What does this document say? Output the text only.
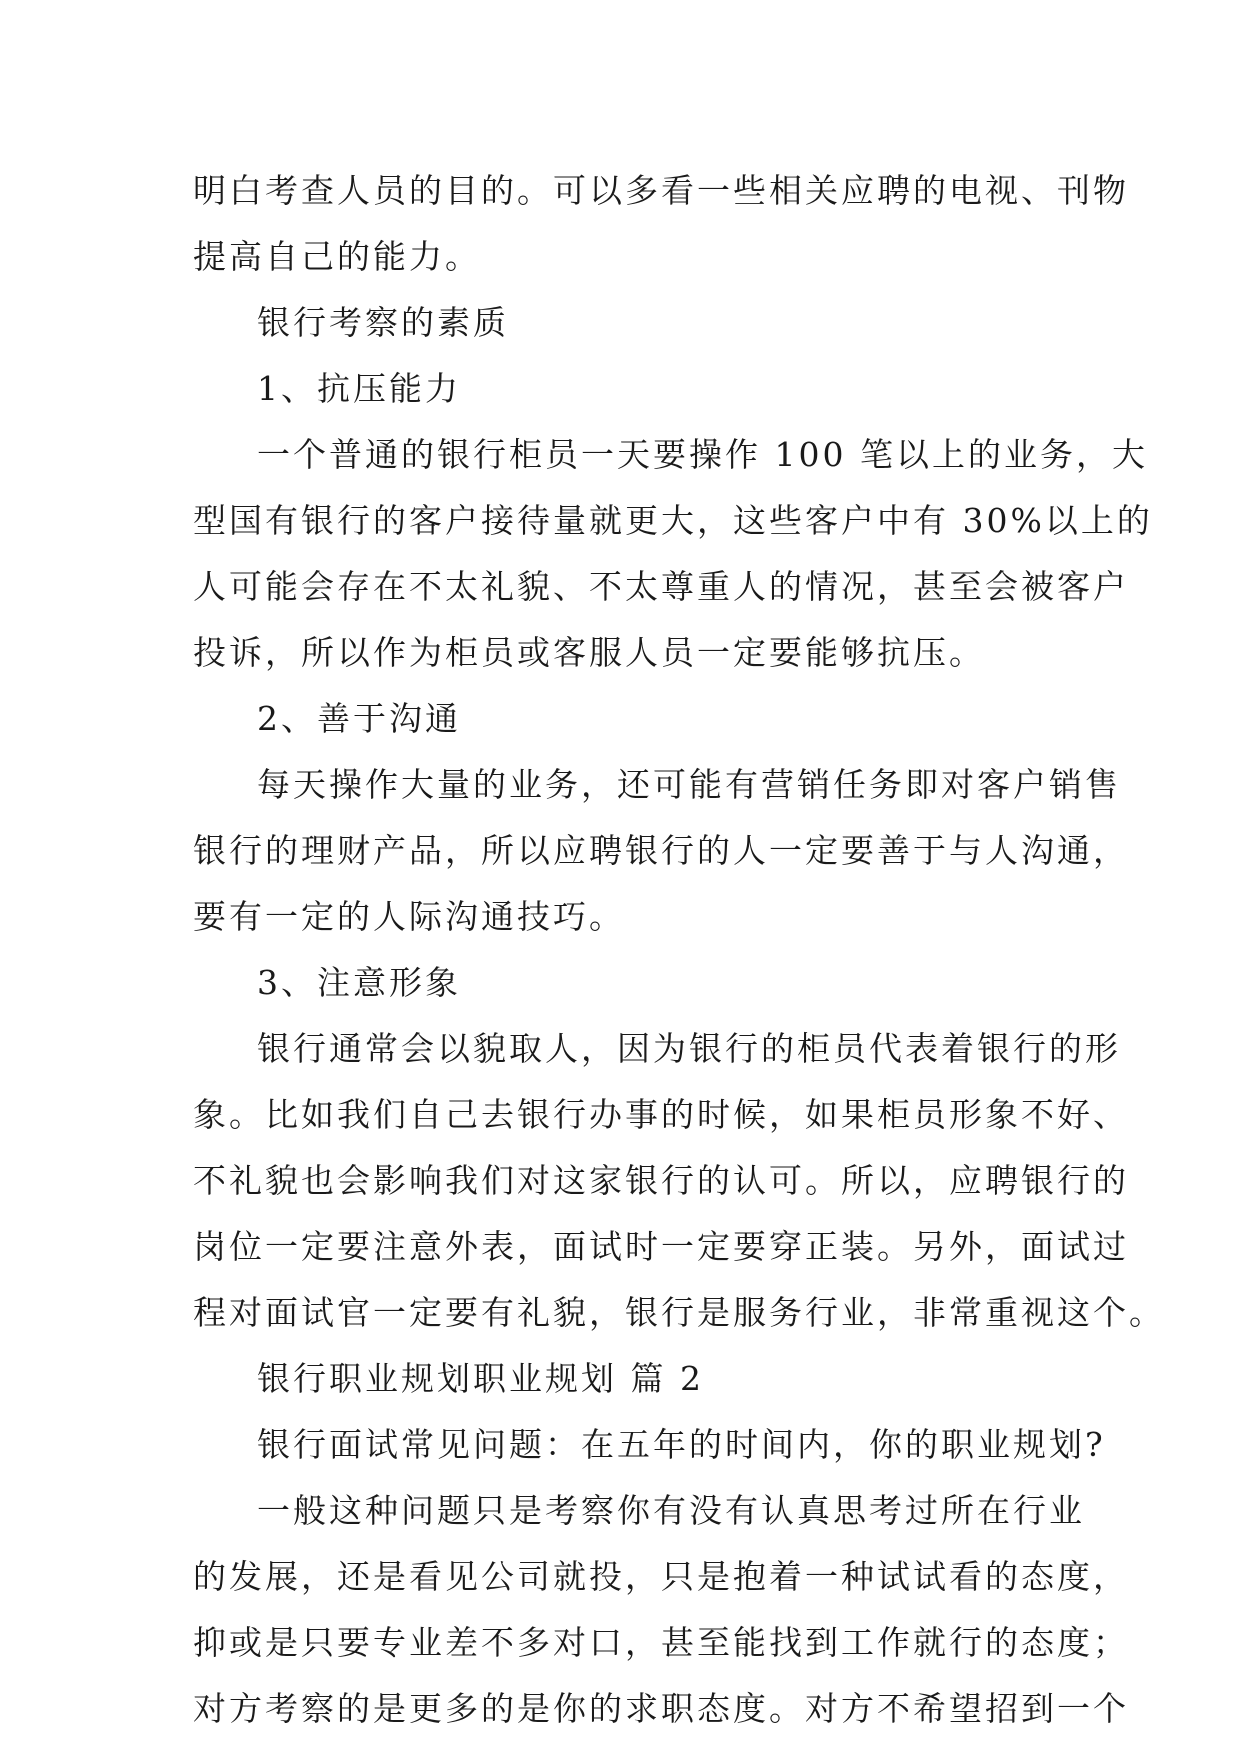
明白考查人员的目的。可以多看一些相关应聘的电视、刊物

提高自己的能力。

银行考察的素质

1、抗压能力

一个普通的银行柜员一天要操作 100 笔以上的业务，大

型国有银行的客户接待量就更大，这些客户中有 30%以上的

人可能会存在不太礼貌、不太尊重人的情况，甚至会被客户

投诉，所以作为柜员或客服人员一定要能够抗压。

2、善于沟通

每天操作大量的业务，还可能有营销任务即对客户销售

银行的理财产品，所以应聘银行的人一定要善于与人沟通，

要有一定的人际沟通技巧。

3、注意形象

银行通常会以貌取人，因为银行的柜员代表着银行的形

象。比如我们自己去银行办事的时候，如果柜员形象不好、

不礼貌也会影响我们对这家银行的认可。所以，应聘银行的

岗位一定要注意外表，面试时一定要穿正装。另外，面试过

程对面试官一定要有礼貌，银行是服务行业，非常重视这个。

银行职业规划职业规划 篇 2

银行面试常见问题：在五年的时间内，你的职业规划?

一般这种问题只是考察你有没有认真思考过所在行业

的发展，还是看见公司就投，只是抱着一种试试看的态度，

抑或是只要专业差不多对口，甚至能找到工作就行的态度；

对方考察的是更多的是你的求职态度。对方不希望招到一个
